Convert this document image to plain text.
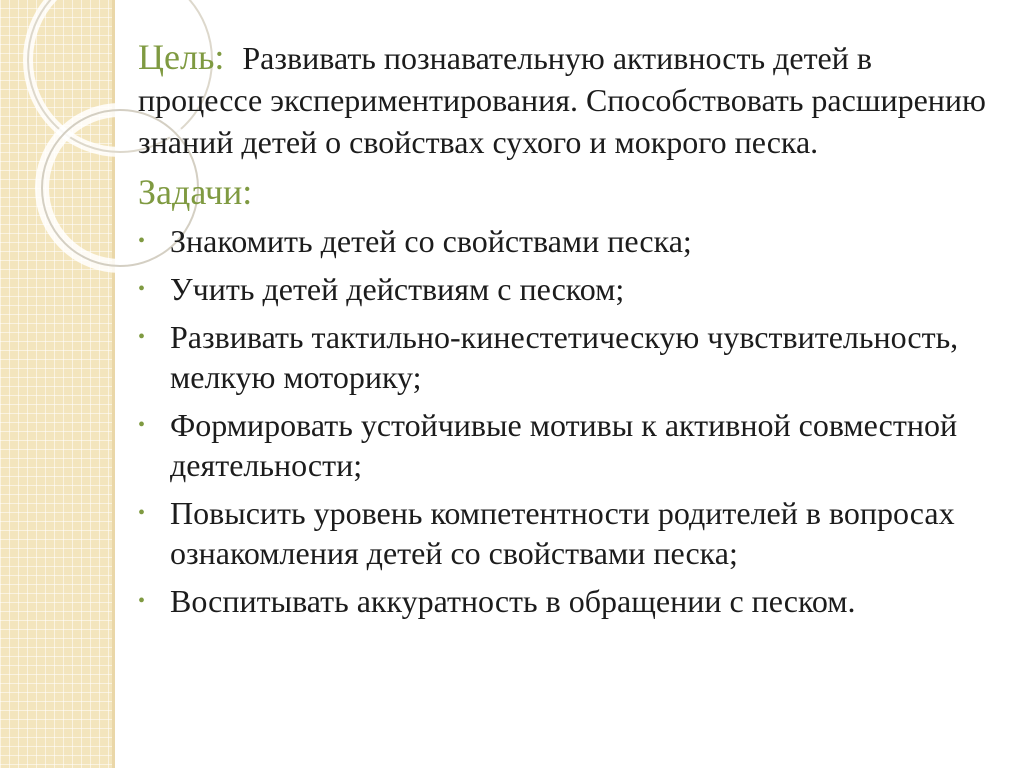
Цель: Развивать познавательную активность детей в процессе экспериментирования. Способствовать расширению знаний детей о свойствах сухого и мокрого песка.

Задачи:
• Знакомить детей со свойствами песка;
• Учить детей действиям с песком;
• Развивать тактильно-кинестетическую чувствительность, мелкую моторику;
• Формировать устойчивые мотивы к активной совместной деятельности;
• Повысить уровень компетентности родителей в вопросах ознакомления детей со свойствами песка;
• Воспитывать аккуратность в обращении с песком.
